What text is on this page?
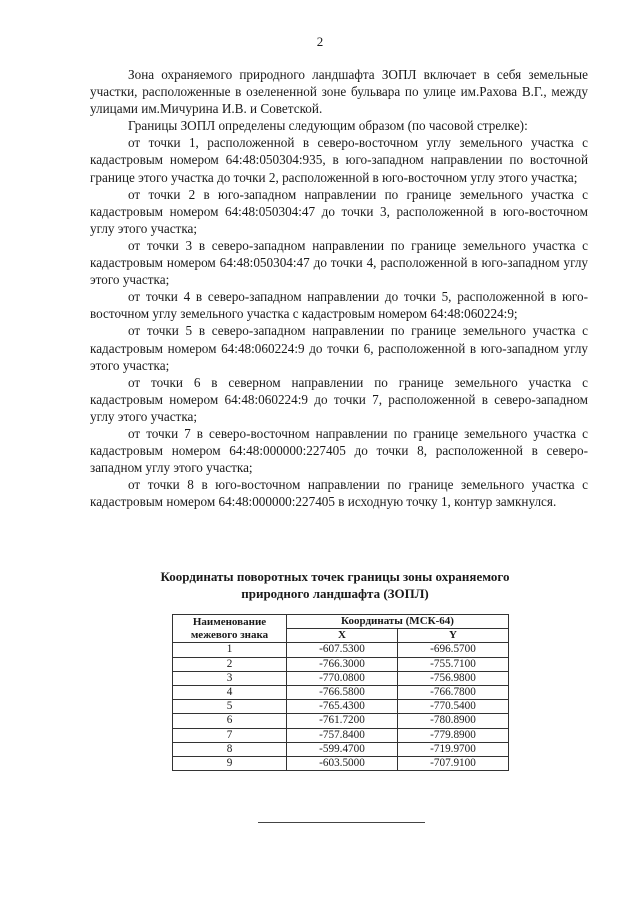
2

Зона охраняемого природного ландшафта ЗОПЛ включает в себя земельные участки, расположенные в озелененной зоне бульвара по улице им.Рахова В.Г., между улицами им.Мичурина И.В. и Советской.

Границы ЗОПЛ определены следующим образом (по часовой стрелке):

от точки 1, расположенной в северо-восточном углу земельного участка с кадастровым номером 64:48:050304:935, в юго-западном направлении по восточной границе этого участка до точки 2, расположенной в юго-восточном углу этого участка;

от точки 2 в юго-западном направлении по границе земельного участка с кадастровым номером 64:48:050304:47 до точки 3, расположенной в юго-восточном углу этого участка;

от точки 3 в северо-западном направлении по границе земельного участка с кадастровым номером 64:48:050304:47 до точки 4, расположенной в юго-западном углу этого участка;

от точки 4 в северо-западном направлении до точки 5, расположенной в юго-восточном углу земельного участка с кадастровым номером 64:48:060224:9;

от точки 5 в северо-западном направлении по границе земельного участка с кадастровым номером 64:48:060224:9 до точки 6, расположенной в юго-западном углу этого участка;

от точки 6 в северном направлении по границе земельного участка с кадастровым номером 64:48:060224:9 до точки 7, расположенной в северо-западном углу этого участка;

от точки 7 в северо-восточном направлении по границе земельного участка с кадастровым номером 64:48:000000:227405 до точки 8, расположенной в северо-западном углу этого участка;

от точки 8 в юго-восточном направлении по границе земельного участка с кадастровым номером 64:48:000000:227405 в исходную точку 1, контур замкнулся.

Координаты поворотных точек границы зоны охраняемого
природного ландшафта (ЗОПЛ)
Наименование
межевого знака	Координаты (МСК-64)	
	X	Y
1	-607.5300	-696.5700
2	-766.3000	-755.7100
3	-770.0800	-756.9800
4	-766.5800	-766.7800
5	-765.4300	-770.5400
6	-761.7200	-780.8900
7	-757.8400	-779.8900
8	-599.4700	-719.9700
9	-603.5000	-707.9100
